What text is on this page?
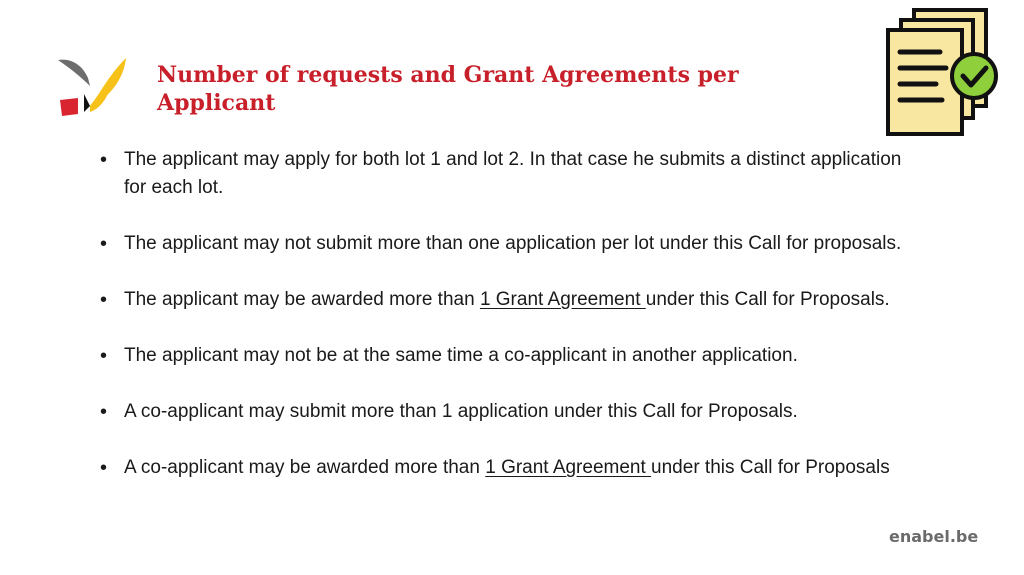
Number of requests and Grant Agreements per Applicant
• The applicant may apply for both lot 1 and lot 2. In that case he submits a distinct application for each lot.
• The applicant may not submit more than one application per lot under this Call for proposals.
• The applicant may be awarded more than 1 Grant Agreement under this Call for Proposals.
• The applicant may not be at the same time a co-applicant in another application.
• A co-applicant may submit more than 1 application under this Call for Proposals.
• A co-applicant may be awarded more than 1 Grant Agreement under this Call for Proposals
enabel.be
